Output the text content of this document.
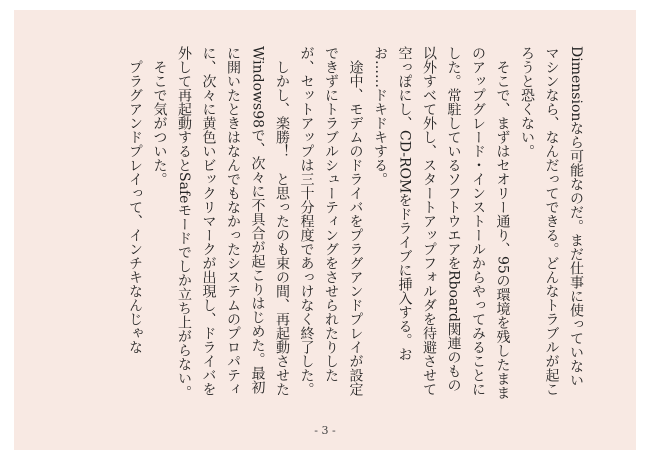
Dimensionなら可能なのだ。まだ仕事に使っていないマシンなら、なんだってできる。どんなトラブルが起ころうと恐くない。

そこで、まずはセオリー通り、95の環境を残したままのアップグレード・インストールからやってみることにした。常駐しているソフトウエアをRboard関連のもの以外すべて外し、スタートアップフォルダを待避させて空っぽにし、CD-ROMをドライブに挿入する。おお……ドキドキする。

途中、モデムのドライバをプラグアンドプレイが設定できずにトラブルシューティングをさせられたりしたが、セットアップは三十分程度であっけなく終了した。

しかし、楽勝！　と思ったのも束の間、再起動させたWindows98で、次々に不具合が起こりはじめた。最初に開いたときはなんでもなかったシステムのプロパティに、次々に黄色いビックリマークが出現し、ドライバを外して再起動するとSafeモードでしか立ち上がらない。

そこで気がついた。

プラグアンドプレイって、インチキなんじゃな

- 3 -
